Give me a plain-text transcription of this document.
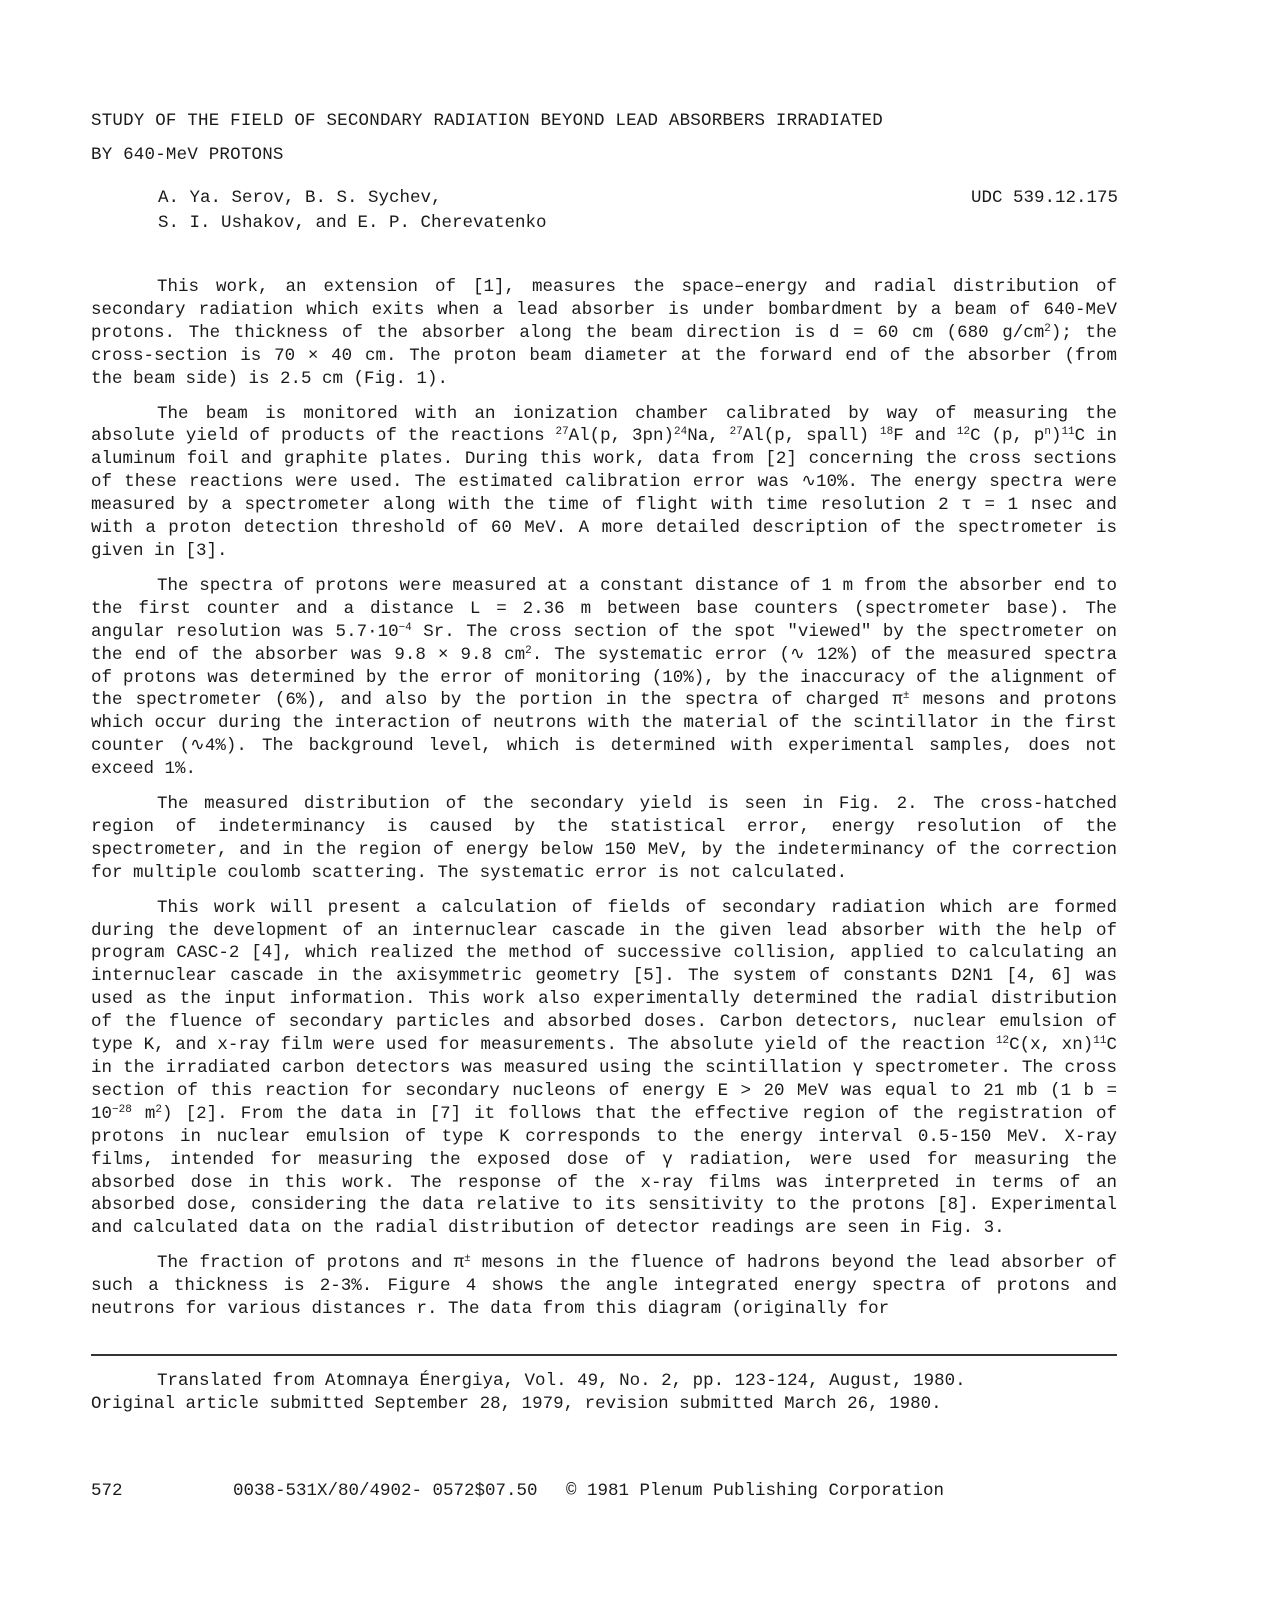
STUDY OF THE FIELD OF SECONDARY RADIATION BEYOND LEAD ABSORBERS IRRADIATED
BY 640-MeV PROTONS
A. Ya. Serov, B. S. Sychev,
S. I. Ushakov, and E. P. Cherevatenko
UDC 539.12.175

This work, an extension of [1], measures the space–energy and radial distribution of secondary radiation which exits when a lead absorber is under bombardment by a beam of 640-MeV protons. The thickness of the absorber along the beam direction is d = 60 cm (680 $g/cm^2$); the cross-section is 70 × 40 cm. The proton beam diameter at the forward end of the absorber (from the beam side) is 2.5 cm (Fig. 1).

The beam is monitored with an ionization chamber calibrated by way of measuring the absolute yield of products of the reactions $^{27}$Al(p, 3pn)$^{24}$Na, $^{27}$Al(p, spall) $^{18}$F and $^{12}$C (p, $p^n)^{11}C$ in aluminum foil and graphite plates. During this work, data from [2] concerning the cross sections of these reactions were used. The estimated calibration error was ∿10%. The energy spectra were measured by a spectrometer along with the time of flight with time resolution 2 τ = 1 nsec and with a proton detection threshold of 60 MeV. A more detailed description of the spectrometer is given in [3].

The spectra of protons were measured at a constant distance of 1 m from the absorber end to the first counter and a distance L = 2.36 m between base counters (spectrometer base). The angular resolution was $5.7\cdot 10^{-4}$ Sr. The cross section of the spot "viewed" by the spectrometer on the end of the absorber was 9.8 × 9.8 $cm^2$. The systematic error (∿ 12%) of the measured spectra of protons was determined by the error of monitoring (10%), by the inaccuracy of the alignment of the spectrometer (6%), and also by the portion in the spectra of charged π± mesons and protons which occur during the interaction of neutrons with the material of the scintillator in the first counter (∿4%). The background level, which is determined with experimental samples, does not exceed 1%.

The measured distribution of the secondary yield is seen in Fig. 2. The cross-hatched region of indeterminancy is caused by the statistical error, energy resolution of the spectrometer, and in the region of energy below 150 MeV, by the indeterminancy of the correction for multiple coulomb scattering. The systematic error is not calculated.

This work will present a calculation of fields of secondary radiation which are formed during the development of an internuclear cascade in the given lead absorber with the help of program CASC-2 [4], which realized the method of successive collision, applied to calculating an internuclear cascade in the axisymmetric geometry [5]. The system of constants D2N1 [4, 6] was used as the input information. This work also experimentally determined the radial distribution of the fluence of secondary particles and absorbed doses. Carbon detectors, nuclear emulsion of type K, and x-ray film were used for measurements. The absolute yield of the reaction $^{12}$C(x, xn)$^{11}$C in the irradiated carbon detectors was measured using the scintillation γ spectrometer. The cross section of this reaction for secondary nucleons of energy E > 20 MeV was equal to 21 mb (1 $b = 10^{-28}$ $m^2$) [2]. From the data in [7] it follows that the effective region of the registration of protons in nuclear emulsion of type K corresponds to the energy interval 0.5-150 MeV. X-ray films, intended for measuring the exposed dose of γ radiation, were used for measuring the absorbed dose in this work. The response of the x-ray films was interpreted in terms of an absorbed dose, considering the data relative to its sensitivity to the protons [8]. Experimental and calculated data on the radial distribution of detector readings are seen in Fig. 3.

The fraction of protons and π± mesons in the fluence of hadrons beyond the lead absorber of such a thickness is 2-3%. Figure 4 shows the angle integrated energy spectra of protons and neutrons for various distances r. The data from this diagram (originally for

Translated from Atomnaya Énergiya, Vol. 49, No. 2, pp. 123-124, August, 1980.
Original article submitted September 28, 1979, revision submitted March 26, 1980.
572	0038-531X/80/4902- 0572$07.50 © 1981 Plenum Publishing Corporation
